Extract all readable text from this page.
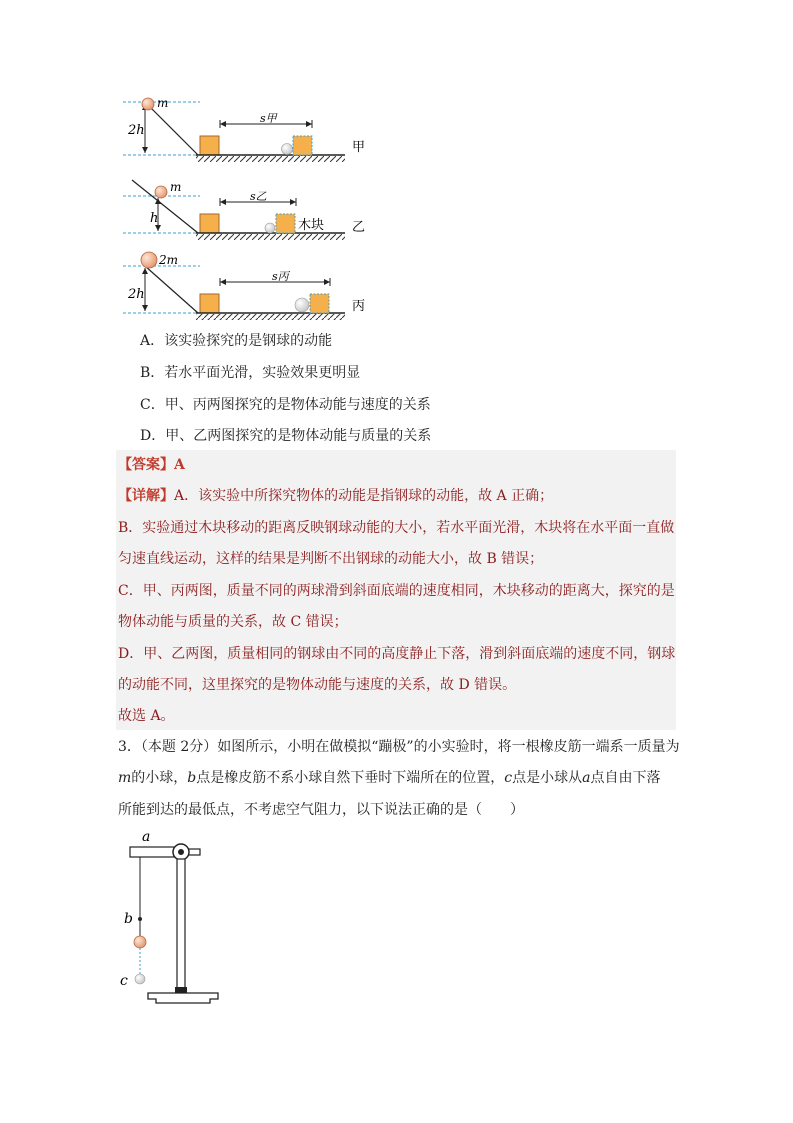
m
2h
s甲
甲
m
h
s乙
木块 乙
2m
2h
s丙
丙
A．该实验探究的是钢球的动能
B．若水平面光滑，实验效果更明显
C．甲、丙两图探究的是物体动能与速度的关系
D．甲、乙两图探究的是物体动能与质量的关系
【答案】A
【详解】A．该实验中所探究物体的动能是指钢球的动能，故 A 正确；
B．实验通过木块移动的距离反映钢球动能的大小，若水平面光滑，木块将在水平面一直做
匀速直线运动，这样的结果是判断不出钢球的动能大小，故 B 错误；
C．甲、丙两图，质量不同的两球滑到斜面底端的速度相同，木块移动的距离大，探究的是
物体动能与质量的关系，故 C 错误；
D．甲、乙两图，质量相同的钢球由不同的高度静止下落，滑到斜面底端的速度不同，钢球
的动能不同，这里探究的是物体动能与速度的关系，故 D 错误。
故选 A。
3．（本题 2分）如图所示，小明在做模拟“蹦极”的小实验时，将一根橡皮筋一端系一质量为
m的小球，b点是橡皮筋不系小球自然下垂时下端所在的位置，c点是小球从a点自由下落
所能到达的最低点，不考虑空气阻力，以下说法正确的是（　　）
a
b
c
